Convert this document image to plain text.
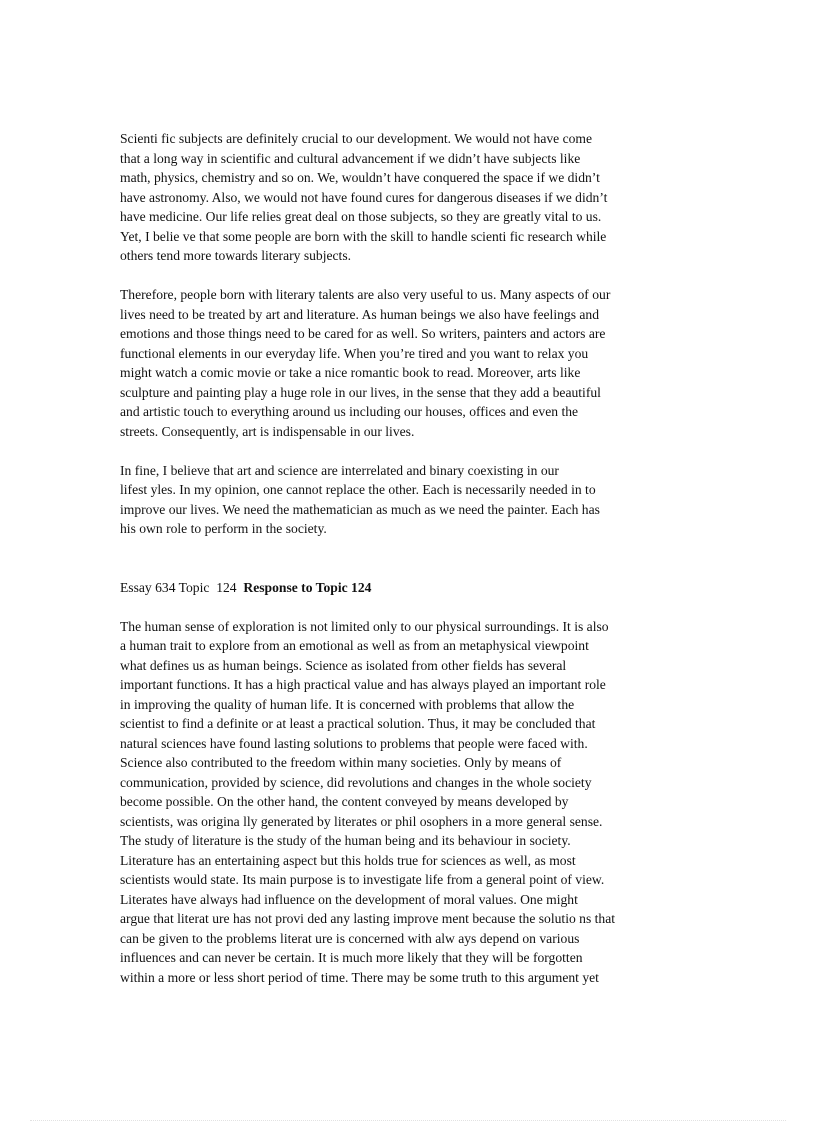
Scienti fic subjects are definitely crucial to our development. We would not have come
that a long way in scientific and cultural advancement if we didn’t have subjects like
math, physics, chemistry and so on. We, wouldn’t have conquered the space if we didn’t
have astronomy. Also, we would not have found cures for dangerous diseases if we didn’t
have medicine. Our life relies great deal on those subjects, so they are greatly vital to us.
Yet, I belie ve that some people are born with the skill to handle scienti fic research while
others tend more towards literary subjects.
Therefore, people born with literary talents are also very useful to us. Many aspects of our
lives need to be treated by art and literature. As human beings we also have feelings and
emotions and those things need to be cared for as well. So writers, painters and actors are
functional elements in our everyday life. When you’re tired and you want to relax you
might watch a comic movie or take a nice romantic book to read. Moreover, arts like
sculpture and painting play a huge role in our lives, in the sense that they add a beautiful
and artistic touch to everything around us including our houses, offices and even the
streets. Consequently, art is indispensable in our lives.
In fine, I believe that art and science are interrelated and binary coexisting in our
lifest yles. In my opinion, one cannot replace the other. Each is necessarily needed in to
improve our lives. We need the mathematician as much as we need the painter. Each has
his own role to perform in the society.
Essay 634 Topic  124  Response to Topic 124
The human sense of exploration is not limited only to our physical surroundings. It is also
a human trait to explore from an emotional as well as from an metaphysical viewpoint
what defines us as human beings. Science as isolated from other fields has several
important functions. It has a high practical value and has always played an important role
in improving the quality of human life. It is concerned with problems that allow the
scientist to find a definite or at least a practical solution. Thus, it may be concluded that
natural sciences have found lasting solutions to problems that people were faced with.
Science also contributed to the freedom within many societies. Only by means of
communication, provided by science, did revolutions and changes in the whole society
become possible. On the other hand, the content conveyed by means developed by
scientists, was origina lly generated by literates or phil osophers in a more general sense.
The study of literature is the study of the human being and its behaviour in society.
Literature has an entertaining aspect but this holds true for sciences as well, as most
scientists would state. Its main purpose is to investigate life from a general point of view.
Literates have always had influence on the development of moral values. One might
argue that literat ure has not provi ded any lasting improve ment because the solutio ns that
can be given to the problems literat ure is concerned with alw ays depend on various
influences and can never be certain. It is much more likely that they will be forgotten
within a more or less short period of time. There may be some truth to this argument yet
